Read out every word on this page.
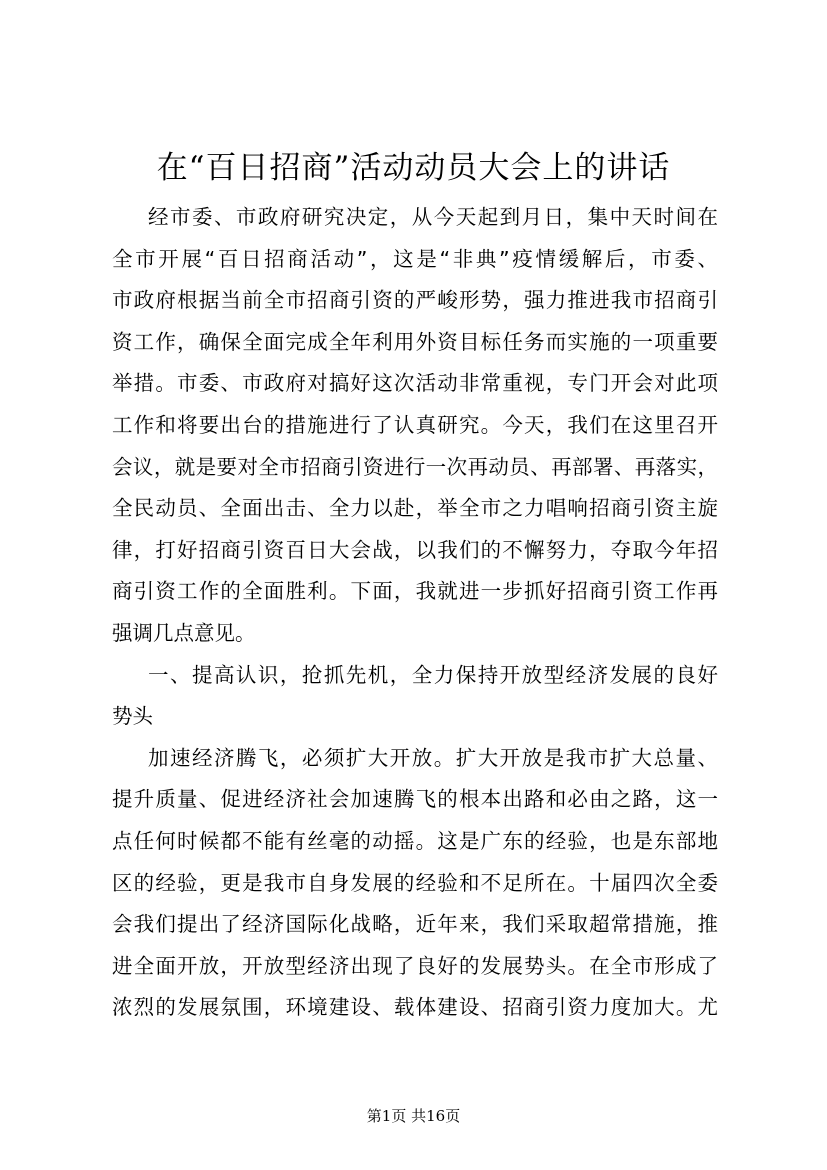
在“百日招商”活动动员大会上的讲话
经市委、市政府研究决定，从今天起到月日，集中天时间在
全市开展“百日招商活动”，这是“非典”疫情缓解后，市委、
市政府根据当前全市招商引资的严峻形势，强力推进我市招商引
资工作，确保全面完成全年利用外资目标任务而实施的一项重要
举措。市委、市政府对搞好这次活动非常重视，专门开会对此项
工作和将要出台的措施进行了认真研究。今天，我们在这里召开
会议，就是要对全市招商引资进行一次再动员、再部署、再落实，
全民动员、全面出击、全力以赴，举全市之力唱响招商引资主旋
律，打好招商引资百日大会战，以我们的不懈努力，夺取今年招
商引资工作的全面胜利。下面，我就进一步抓好招商引资工作再
强调几点意见。
一、提高认识，抢抓先机，全力保持开放型经济发展的良好
势头
加速经济腾飞，必须扩大开放。扩大开放是我市扩大总量、
提升质量、促进经济社会加速腾飞的根本出路和必由之路，这一
点任何时候都不能有丝毫的动摇。这是广东的经验，也是东部地
区的经验，更是我市自身发展的经验和不足所在。十届四次全委
会我们提出了经济国际化战略，近年来，我们采取超常措施，推
进全面开放，开放型经济出现了良好的发展势头。在全市形成了
浓烈的发展氛围，环境建设、载体建设、招商引资力度加大。尤
第1页 共16页
